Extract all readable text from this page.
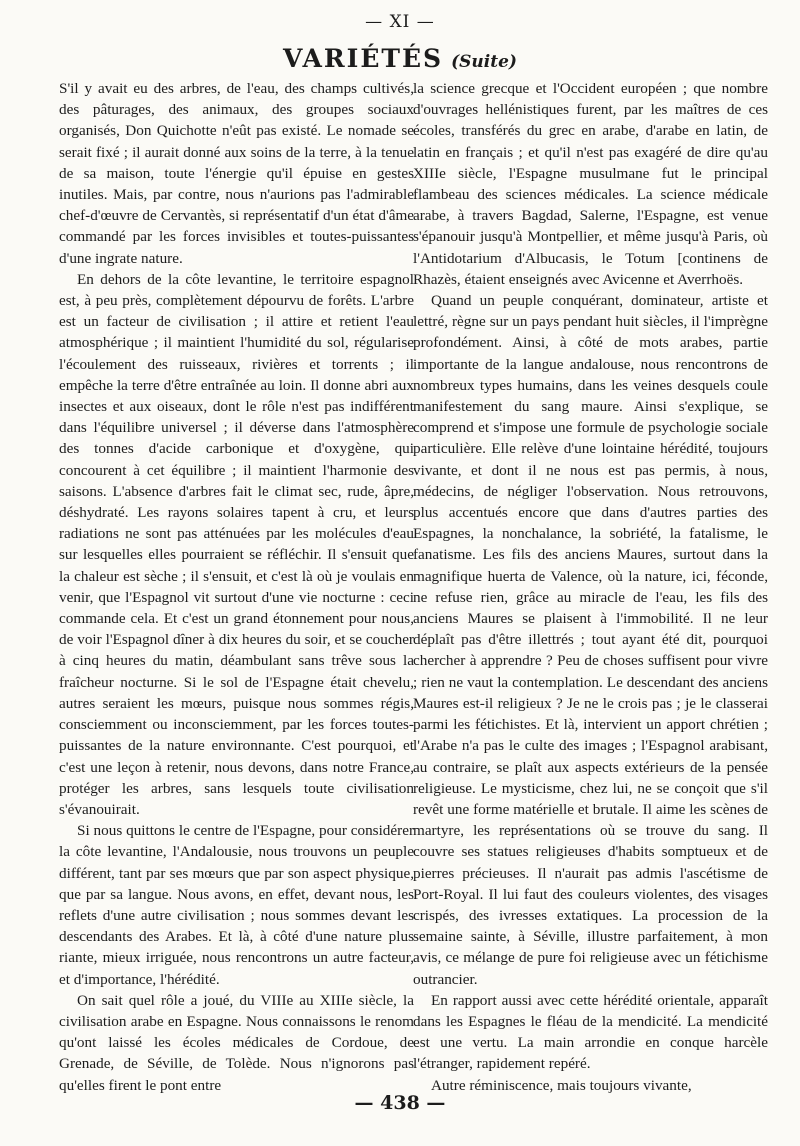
— XI —
VARIÉTÉS (Suite)

S'il y avait eu des arbres, de l'eau, des champs cultivés, des pâturages, des animaux, des groupes sociaux organisés, Don Quichotte n'eût pas existé. Le nomade se serait fixé ; il aurait donné aux soins de la terre, à la tenue de sa maison, toute l'énergie qu'il épuise en gestes inutiles. Mais, par contre, nous n'aurions pas l'admirable chef-d'œuvre de Cervantès, si représentatif d'un état d'âme commandé par les forces invisibles et toutes-puissantes d'une ingrate nature.

En dehors de la côte levantine, le territoire espagnol est, à peu près, complètement dépourvu de forêts. L'arbre est un facteur de civilisation ; il attire et retient l'eau atmosphérique ; il maintient l'humidité du sol, régularise l'écoulement des ruisseaux, rivières et torrents ; il empêche la terre d'être entraînée au loin. Il donne abri aux insectes et aux oiseaux, dont le rôle n'est pas indifférent dans l'équilibre universel ; il déverse dans l'atmosphère des tonnes d'acide carbonique et d'oxygène, qui concourent à cet équilibre ; il maintient l'harmonie des saisons. L'absence d'arbres fait le climat sec, rude, âpre, déshydraté. Les rayons solaires tapent à cru, et leurs radiations ne sont pas atténuées par les molécules d'eau sur lesquelles elles pourraient se réfléchir. Il s'ensuit que la chaleur est sèche ; il s'ensuit, et c'est là où je voulais en venir, que l'Espagnol vit surtout d'une vie nocturne : ceci commande cela. Et c'est un grand étonnement pour nous, de voir l'Espagnol dîner à dix heures du soir, et se coucher à cinq heures du matin, déambulant sans trêve sous la fraîcheur nocturne. Si le sol de l'Espagne était chevelu, autres seraient les mœurs, puisque nous sommes régis, consciemment ou inconsciemment, par les forces toutes-puissantes de la nature environnante. C'est pourquoi, et c'est une leçon à retenir, nous devons, dans notre France, protéger les arbres, sans lesquels toute civilisation s'évanouirait.

Si nous quittons le centre de l'Espagne, pour considérer la côte levantine, l'Andalousie, nous trouvons un peuple différent, tant par ses mœurs que par son aspect physique, que par sa langue. Nous avons, en effet, devant nous, les reflets d'une autre civilisation ; nous sommes devant les descendants des Arabes. Et là, à côté d'une nature plus riante, mieux irriguée, nous rencontrons un autre facteur, et d'importance, l'hérédité.

On sait quel rôle a joué, du VIIIe au XIIIe siècle, la civilisation arabe en Espagne. Nous connaissons le renom qu'ont laissé les écoles médicales de Cordoue, de Grenade, de Séville, de Tolède. Nous n'ignorons pas qu'elles firent le pont entre

la science grecque et l'Occident européen ; que nombre d'ouvrages hellénistiques furent, par les maîtres de ces écoles, transférés du grec en arabe, d'arabe en latin, de latin en français ; et qu'il n'est pas exagéré de dire qu'au XIIIe siècle, l'Espagne musulmane fut le principal flambeau des sciences médicales. La science médicale arabe, à travers Bagdad, Salerne, l'Espagne, est venue s'épanouir jusqu'à Montpellier, et même jusqu'à Paris, où l'Antidotarium d'Albucasis, le Totum [continens de Rhazès, étaient enseignés avec Avicenne et Averrhoës.

Quand un peuple conquérant, dominateur, artiste et lettré, règne sur un pays pendant huit siècles, il l'imprègne profondément. Ainsi, à côté de mots arabes, partie importante de la langue andalouse, nous rencontrons de nombreux types humains, dans les veines desquels coule manifestement du sang maure. Ainsi s'explique, se comprend et s'impose une formule de psychologie sociale particulière. Elle relève d'une lointaine hérédité, toujours vivante, et dont il ne nous est pas permis, à nous, médecins, de négliger l'observation. Nous retrouvons, plus accentués encore que dans d'autres parties des Espagnes, la nonchalance, la sobriété, la fatalisme, le fanatisme. Les fils des anciens Maures, surtout dans la magnifique huerta de Valence, où la nature, ici, féconde, ne refuse rien, grâce au miracle de l'eau, les fils des anciens Maures se plaisent à l'immobilité. Il ne leur déplaît pas d'être illettrés ; tout ayant été dit, pourquoi chercher à apprendre ? Peu de choses suffisent pour vivre ; rien ne vaut la contemplation. Le descendant des anciens Maures est-il religieux ? Je ne le crois pas ; je le classerai parmi les fétichistes. Et là, intervient un apport chrétien ; l'Arabe n'a pas le culte des images ; l'Espagnol arabisant, au contraire, se plaît aux aspects extérieurs de la pensée religieuse. Le mysticisme, chez lui, ne se conçoit que s'il revêt une forme matérielle et brutale. Il aime les scènes de martyre, les représentations où se trouve du sang. Il couvre ses statues religieuses d'habits somptueux et de pierres précieuses. Il n'aurait pas admis l'ascétisme de Port-Royal. Il lui faut des couleurs violentes, des visages crispés, des ivresses extatiques. La procession de la semaine sainte, à Séville, illustre parfaitement, à mon avis, ce mélange de pure foi religieuse avec un fétichisme outrancier.

En rapport aussi avec cette hérédité orientale, apparaît dans les Espagnes le fléau de la mendicité. La mendicité est une vertu. La main arrondie en conque harcèle l'étranger, rapidement repéré.

Autre réminiscence, mais toujours vivante,

— 438 —
